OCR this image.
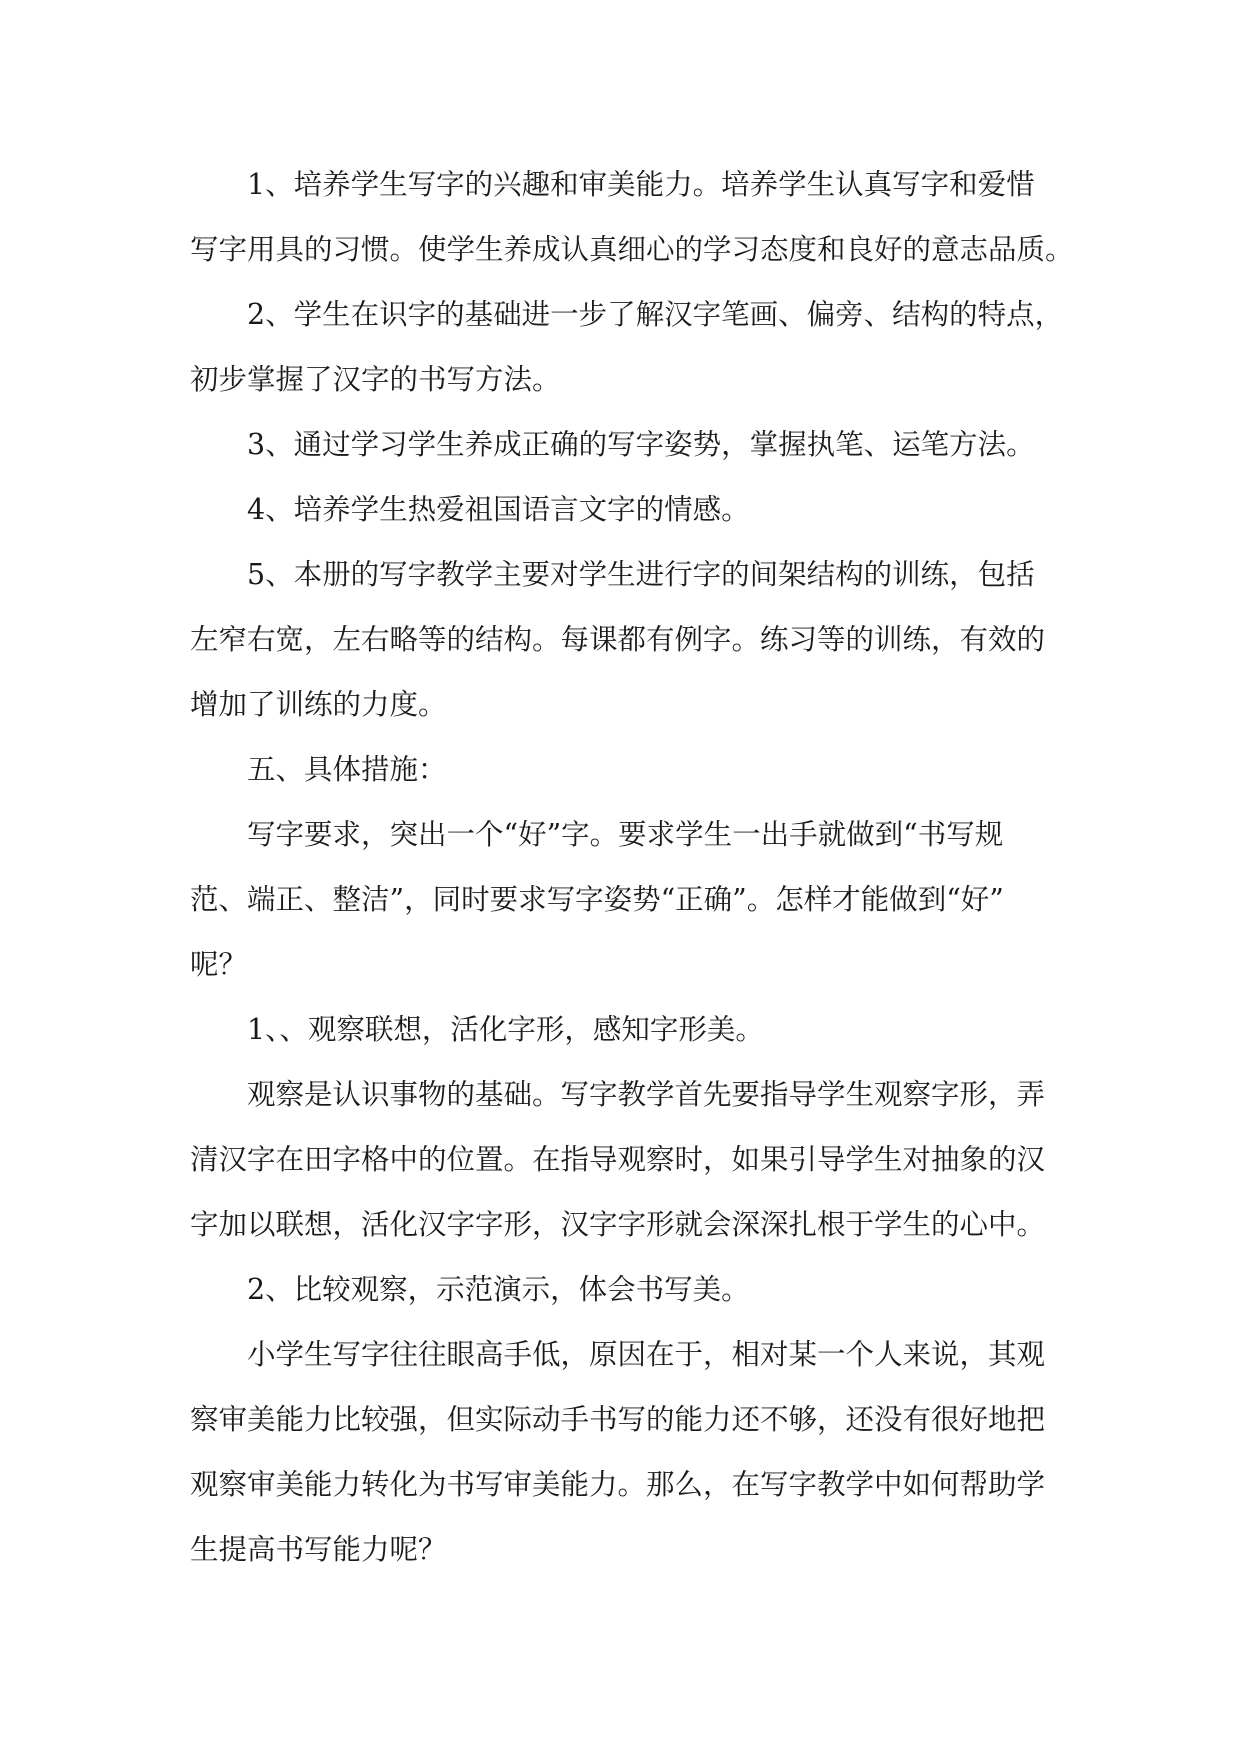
1、培养学生写字的兴趣和审美能力。培养学生认真写字和爱惜
写字用具的习惯。使学生养成认真细心的学习态度和良好的意志品质。

2、学生在识字的基础进一步了解汉字笔画、偏旁、结构的特点，
初步掌握了汉字的书写方法。

3、通过学习学生养成正确的写字姿势，掌握执笔、运笔方法。

4、培养学生热爱祖国语言文字的情感。

5、本册的写字教学主要对学生进行字的间架结构的训练，包括
左窄右宽，左右略等的结构。每课都有例字。练习等的训练，有效的
增加了训练的力度。

五、具体措施：

写字要求，突出一个“好”字。要求学生一出手就做到“书写规
范、端正、整洁”，同时要求写字姿势“正确”。怎样才能做到“好”
呢？

1、、观察联想，活化字形，感知字形美。

观察是认识事物的基础。写字教学首先要指导学生观察字形，弄
清汉字在田字格中的位置。在指导观察时，如果引导学生对抽象的汉
字加以联想，活化汉字字形，汉字字形就会深深扎根于学生的心中。

2、比较观察，示范演示，体会书写美。

小学生写字往往眼高手低，原因在于，相对某一个人来说，其观
察审美能力比较强，但实际动手书写的能力还不够，还没有很好地把
观察审美能力转化为书写审美能力。那么，在写字教学中如何帮助学
生提高书写能力呢？
